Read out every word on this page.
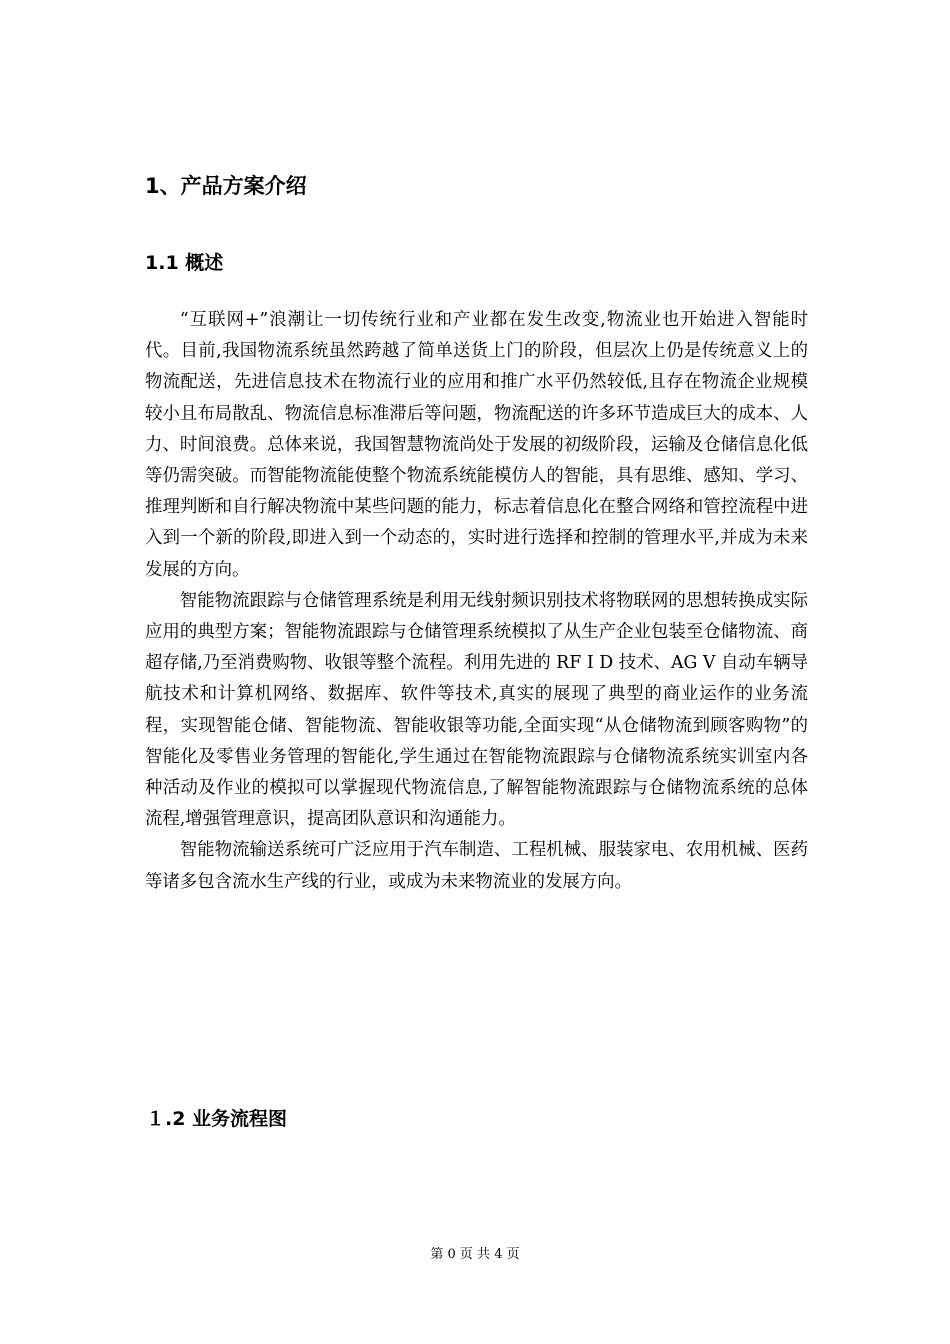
1、产品方案介绍
1.1 概述

“互联网+”浪潮让一切传统行业和产业都在发生改变,物流业也开始进入智能时代。目前,我国物流系统虽然跨越了简单送货上门的阶段，但层次上仍是传统意义上的物流配送，先进信息技术在物流行业的应用和推广水平仍然较低,且存在物流企业规模较小且布局散乱、物流信息标准滞后等问题，物流配送的许多环节造成巨大的成本、人力、时间浪费。总体来说，我国智慧物流尚处于发展的初级阶段，运输及仓储信息化低等仍需突破。而智能物流能使整个物流系统能模仿人的智能，具有思维、感知、学习、推理判断和自行解决物流中某些问题的能力，标志着信息化在整合网络和管控流程中进入到一个新的阶段,即进入到一个动态的，实时进行选择和控制的管理水平,并成为未来发展的方向。

智能物流跟踪与仓储管理系统是利用无线射频识别技术将物联网的思想转换成实际应用的典型方案；智能物流跟踪与仓储管理系统模拟了从生产企业包装至仓储物流、商超存储,乃至消费购物、收银等整个流程。利用先进的 RF I D 技术、AG V 自动车辆导航技术和计算机网络、数据库、软件等技术,真实的展现了典型的商业运作的业务流程，实现智能仓储、智能物流、智能收银等功能,全面实现“从仓储物流到顾客购物”的智能化及零售业务管理的智能化,学生通过在智能物流跟踪与仓储物流系统实训室内各种活动及作业的模拟可以掌握现代物流信息,了解智能物流跟踪与仓储物流系统的总体流程,增强管理意识，提高团队意识和沟通能力。

智能物流输送系统可广泛应用于汽车制造、工程机械、服装家电、农用机械、医药等诸多包含流水生产线的行业，或成为未来物流业的发展方向。

１.2 业务流程图
第 0 页 共 4 页
